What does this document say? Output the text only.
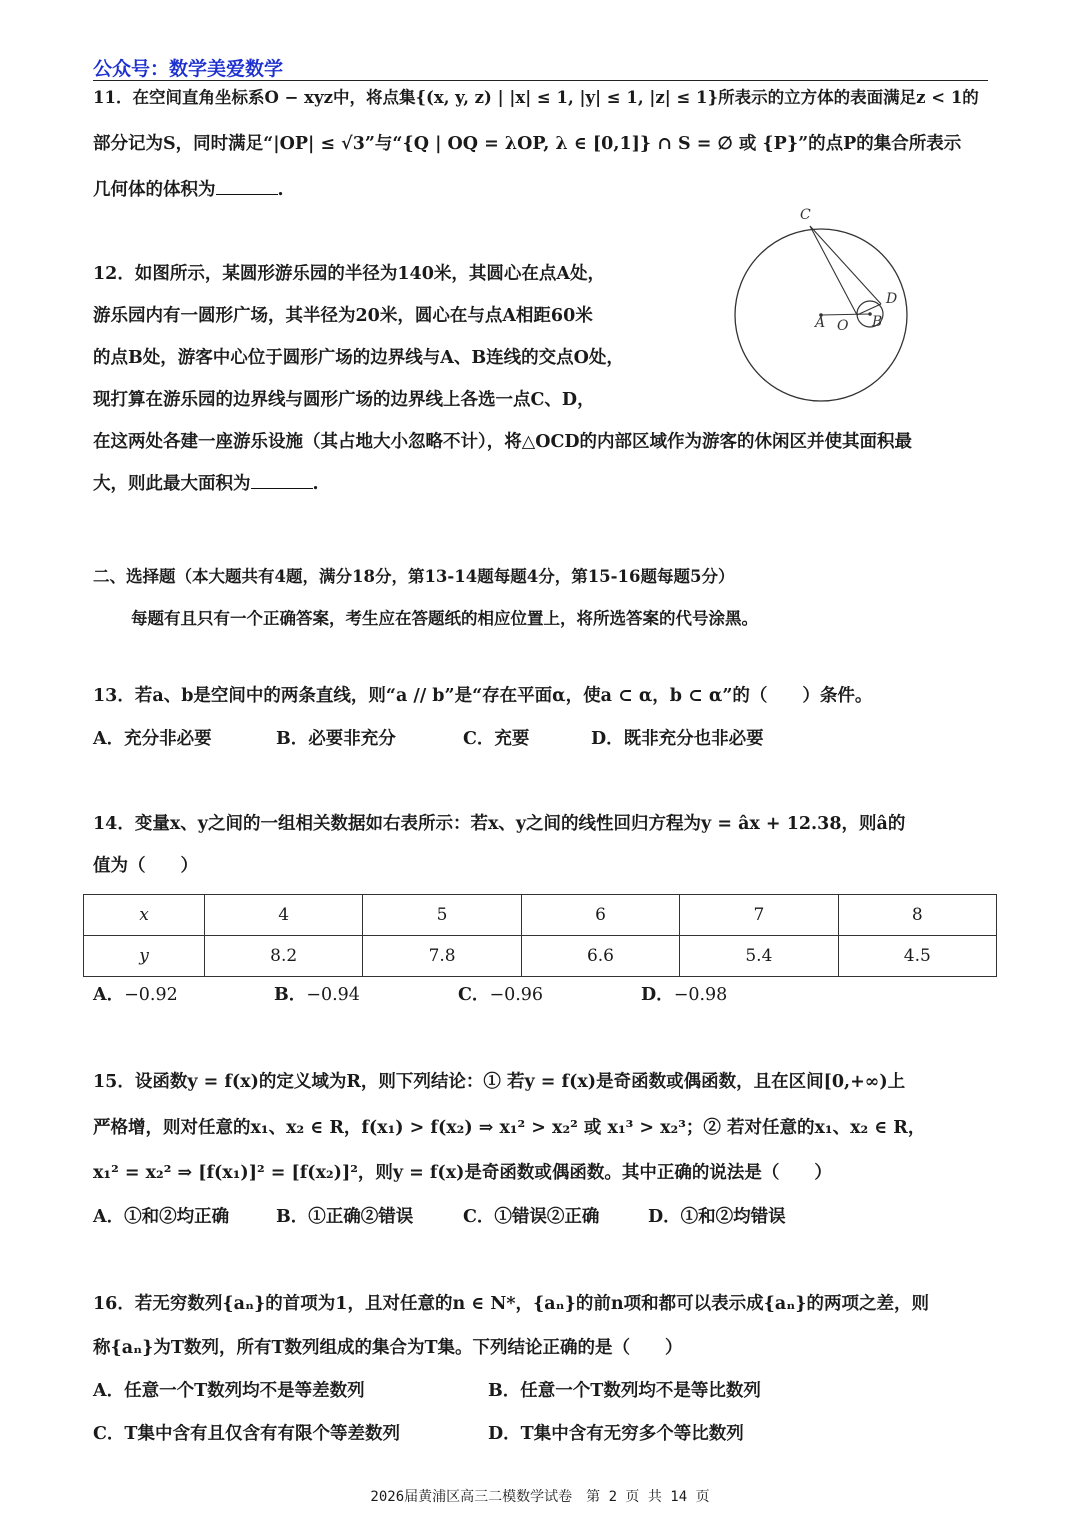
公众号：数学美爱数学
11．在空间直角坐标系O − xyz中，将点集{(x, y, z) | |x| ≤ 1, |y| ≤ 1, |z| ≤ 1}所表示的立方体的表面满足z < 1的
部分记为S，同时满足“|OP| ≤ √3”与“{Q | OQ = λOP, λ ∈ [0,1]} ∩ S = ∅ 或 {P}”的点P的集合所表示
几何体的体积为	.
C
D
A O B
12．如图所示，某圆形游乐园的半径为140米，其圆心在点A处，
游乐园内有一圆形广场，其半径为20米，圆心在与点A相距60米
的点B处，游客中心位于圆形广场的边界线与A、B连线的交点O处，
现打算在游乐园的边界线与圆形广场的边界线上各选一点C、D，
在这两处各建一座游乐设施（其占地大小忽略不计），将△OCD的内部区域作为游客的休闲区并使其面积最
大，则此最大面积为	.
二、选择题（本大题共有4题，满分18分，第13-14题每题4分，第15-16题每题5分）
每题有且只有一个正确答案，考生应在答题纸的相应位置上，将所选答案的代号涂黑。
13．若a、b是空间中的两条直线，则“a // b”是“存在平面α，使a ⊂ α，b ⊂ α”的（　　）条件。
A．充分非必要	B．必要非充分	C．充要	D．既非充分也非必要
14．变量x、y之间的一组相关数据如右表所示：若x、y之间的线性回归方程为y = âx + 12.38，则â的
值为（　　）
x	4	5	6	7	8
y	8.2	7.8	6.6	5.4	4.5
A．−0.92	B．−0.94	C．−0.96	D．−0.98
15．设函数y = f(x)的定义域为R，则下列结论：① 若y = f(x)是奇函数或偶函数，且在区间[0,+∞)上
严格增，则对任意的x₁、x₂ ∈ R，f(x₁) > f(x₂) ⇒ x₁² > x₂² 或 x₁³ > x₂³；② 若对任意的x₁、x₂ ∈ R，
x₁² = x₂² ⇒ [f(x₁)]² = [f(x₂)]²，则y = f(x)是奇函数或偶函数。其中正确的说法是（　　）
A．①和②均正确	B．①正确②错误	C．①错误②正确	D．①和②均错误
16．若无穷数列{aₙ}的首项为1，且对任意的n ∈ N*，{aₙ}的前n项和都可以表示成{aₙ}的两项之差，则
称{aₙ}为T数列，所有T数列组成的集合为T集。下列结论正确的是（　　）
A．任意一个T数列均不是等差数列	B．任意一个T数列均不是等比数列
C．T集中含有且仅含有有限个等差数列	D．T集中含有无穷多个等比数列
2026届黄浦区高三二模数学试卷　第 2 页 共 14 页
